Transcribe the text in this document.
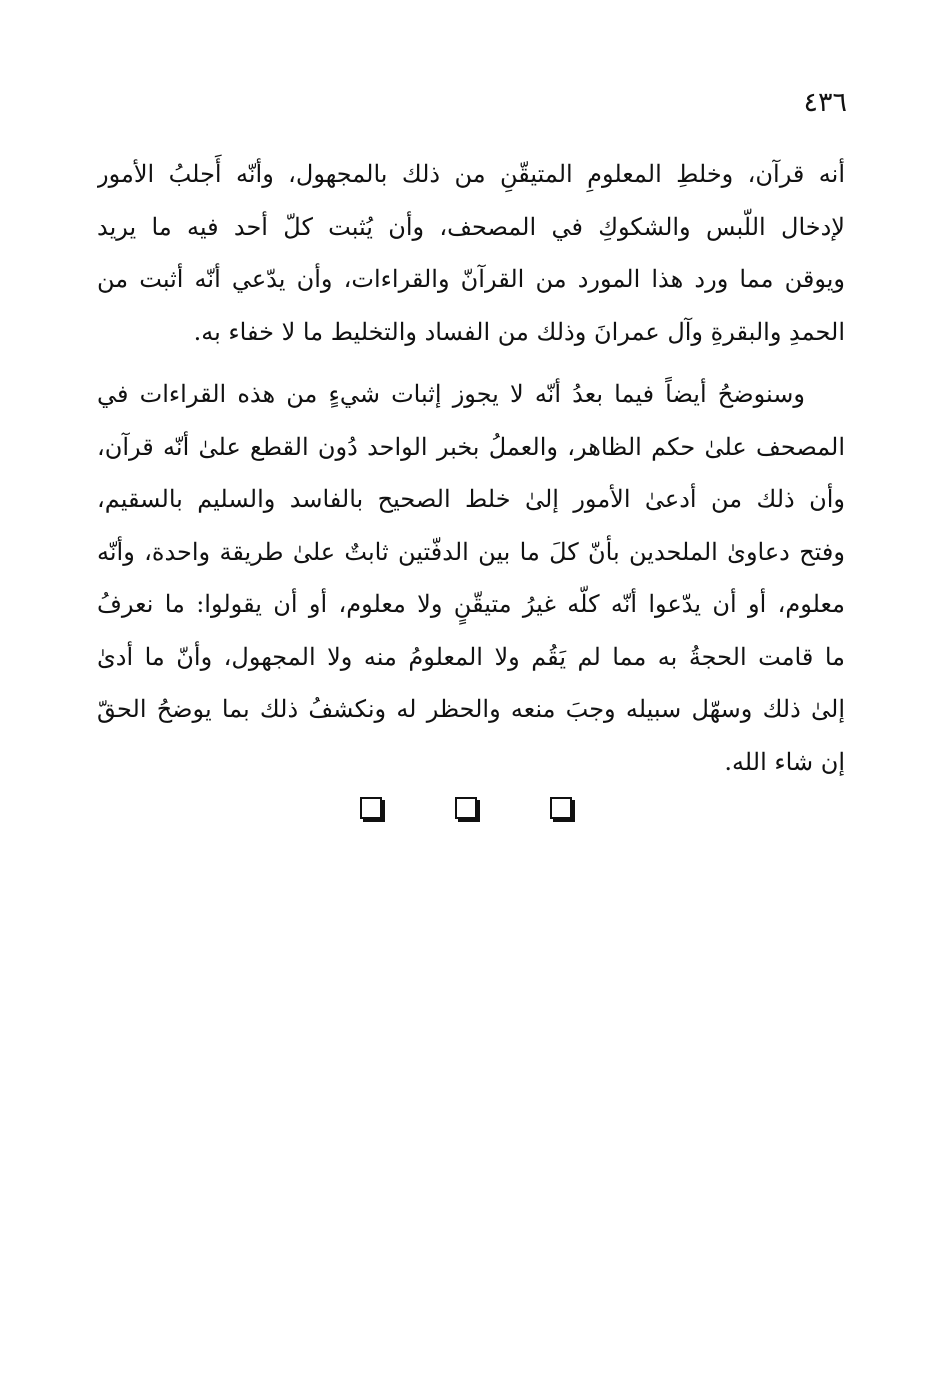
٤٣٦
أنه قرآن، وخلطِ المعلومِ المتيقّنِ من ذلك بالمجهول، وأنّه أَجلبُ الأمور
لإدخال اللّبس والشكوكِ في المصحف، وأن يُثبت كلّ أحد فيه ما يريد
ويوقن مما ورد هذا المورد من القرآنّ والقراءات، وأن يدّعي أنّه أثبت من
الحمدِ والبقرةِ وآل عمرانَ وذلك من الفساد والتخليط ما لا خفاء به.
وسنوضحُ أيضاً فيما بعدُ أنّه لا يجوز إثبات شيءٍ من هذه القراءات في
المصحف علىٰ حكم الظاهر، والعملُ بخبر الواحد دُون القطع علىٰ أنّه قرآن،
وأن ذلك من أدعىٰ الأمور إلىٰ خلط الصحيح بالفاسد والسليم بالسقيم،
وفتح دعاوىٰ الملحدين بأنّ كلَ ما بين الدفّتين ثابتٌ علىٰ طريقة واحدة، وأنّه
معلوم، أو أن يدّعوا أنّه كلّه غيرُ متيقّنٍ ولا معلوم، أو أن يقولوا: ما نعرفُ
ما قامت الحجةُ به مما لم يَقُم ولا المعلومُ منه ولا المجهول، وأنّ ما أدىٰ
إلىٰ ذلك وسهّل سبيله وجبَ منعه والحظر له ونكشفُ ذلك بما يوضحُ الحقّ
إن شاء الله.
